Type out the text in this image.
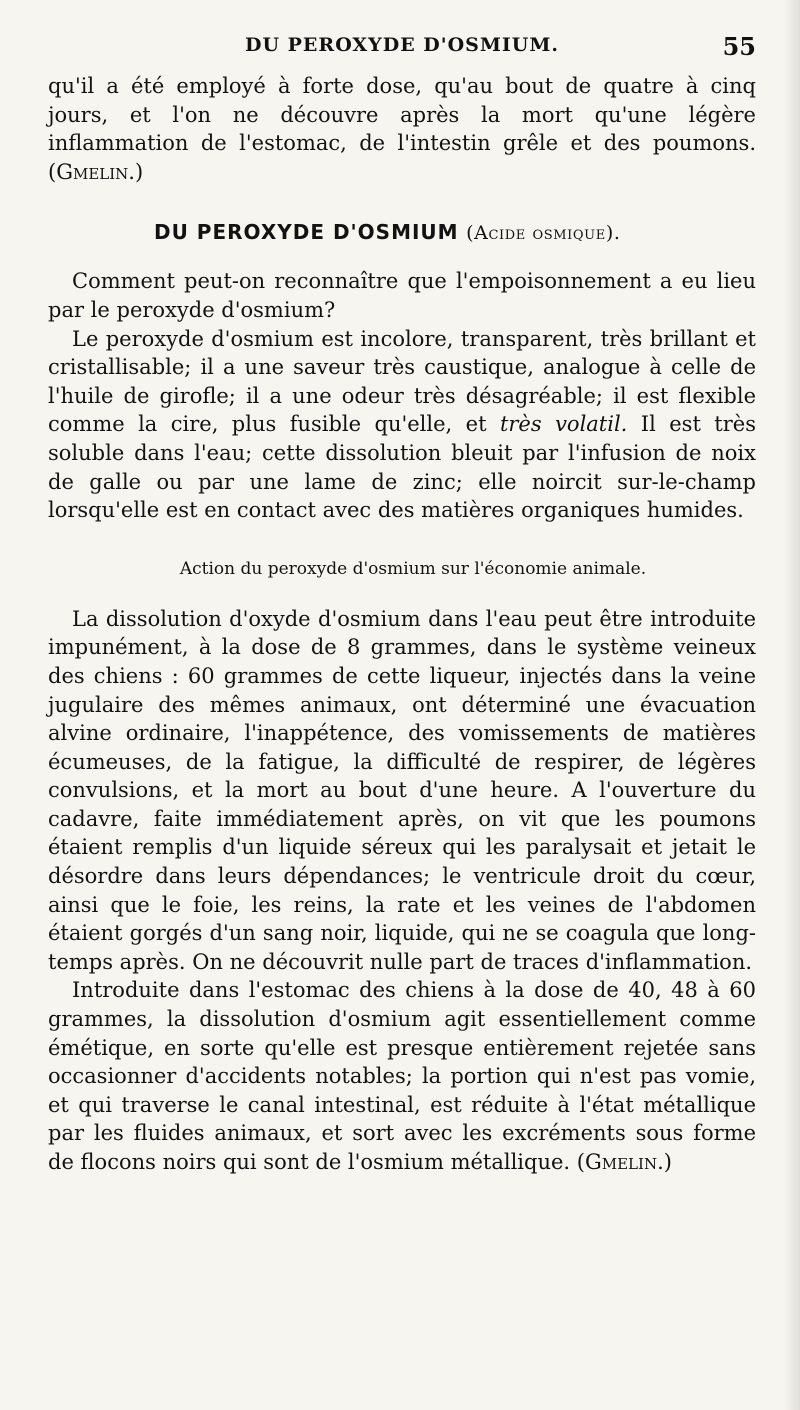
DU PEROXYDE D'OSMIUM.	55

qu'il a été employé à forte dose, qu'au bout de quatre à cinq jours, et l'on ne découvre après la mort qu'une légère inflammation de l'estomac, de l'intestin grêle et des poumons. (Gmelin.)

DU PEROXYDE D'OSMIUM (Acide osmique).

Comment peut-on reconnaître que l'empoisonnement a eu lieu par le peroxyde d'osmium?

Le peroxyde d'osmium est incolore, transparent, très brillant et cristallisable; il a une saveur très caustique, analogue à celle de l'huile de girofle; il a une odeur très désagréable; il est flexible comme la cire, plus fusible qu'elle, et très volatil. Il est très soluble dans l'eau; cette dissolution bleuit par l'infusion de noix de galle ou par une lame de zinc; elle noircit sur-le-champ lorsqu'elle est en contact avec des matières organiques humides.

Action du peroxyde d'osmium sur l'économie animale.

La dissolution d'oxyde d'osmium dans l'eau peut être introduite impunément, à la dose de 8 grammes, dans le système veineux des chiens : 60 grammes de cette liqueur, injectés dans la veine jugulaire des mêmes animaux, ont déterminé une évacuation alvine ordinaire, l'inappétence, des vomissements de matières écumeuses, de la fatigue, la difficulté de respirer, de légères convulsions, et la mort au bout d'une heure. A l'ouverture du cadavre, faite immédiatement après, on vit que les poumons étaient remplis d'un liquide séreux qui les paralysait et jetait le désordre dans leurs dépendances; le ventricule droit du cœur, ainsi que le foie, les reins, la rate et les veines de l'abdomen étaient gorgés d'un sang noir, liquide, qui ne se coagula que long-temps après. On ne découvrit nulle part de traces d'inflammation.

Introduite dans l'estomac des chiens à la dose de 40, 48 à 60 grammes, la dissolution d'osmium agit essentiellement comme émétique, en sorte qu'elle est presque entièrement rejetée sans occasionner d'accidents notables; la portion qui n'est pas vomie, et qui traverse le canal intestinal, est réduite à l'état métallique par les fluides animaux, et sort avec les excréments sous forme de flocons noirs qui sont de l'osmium métallique. (Gmelin.)
